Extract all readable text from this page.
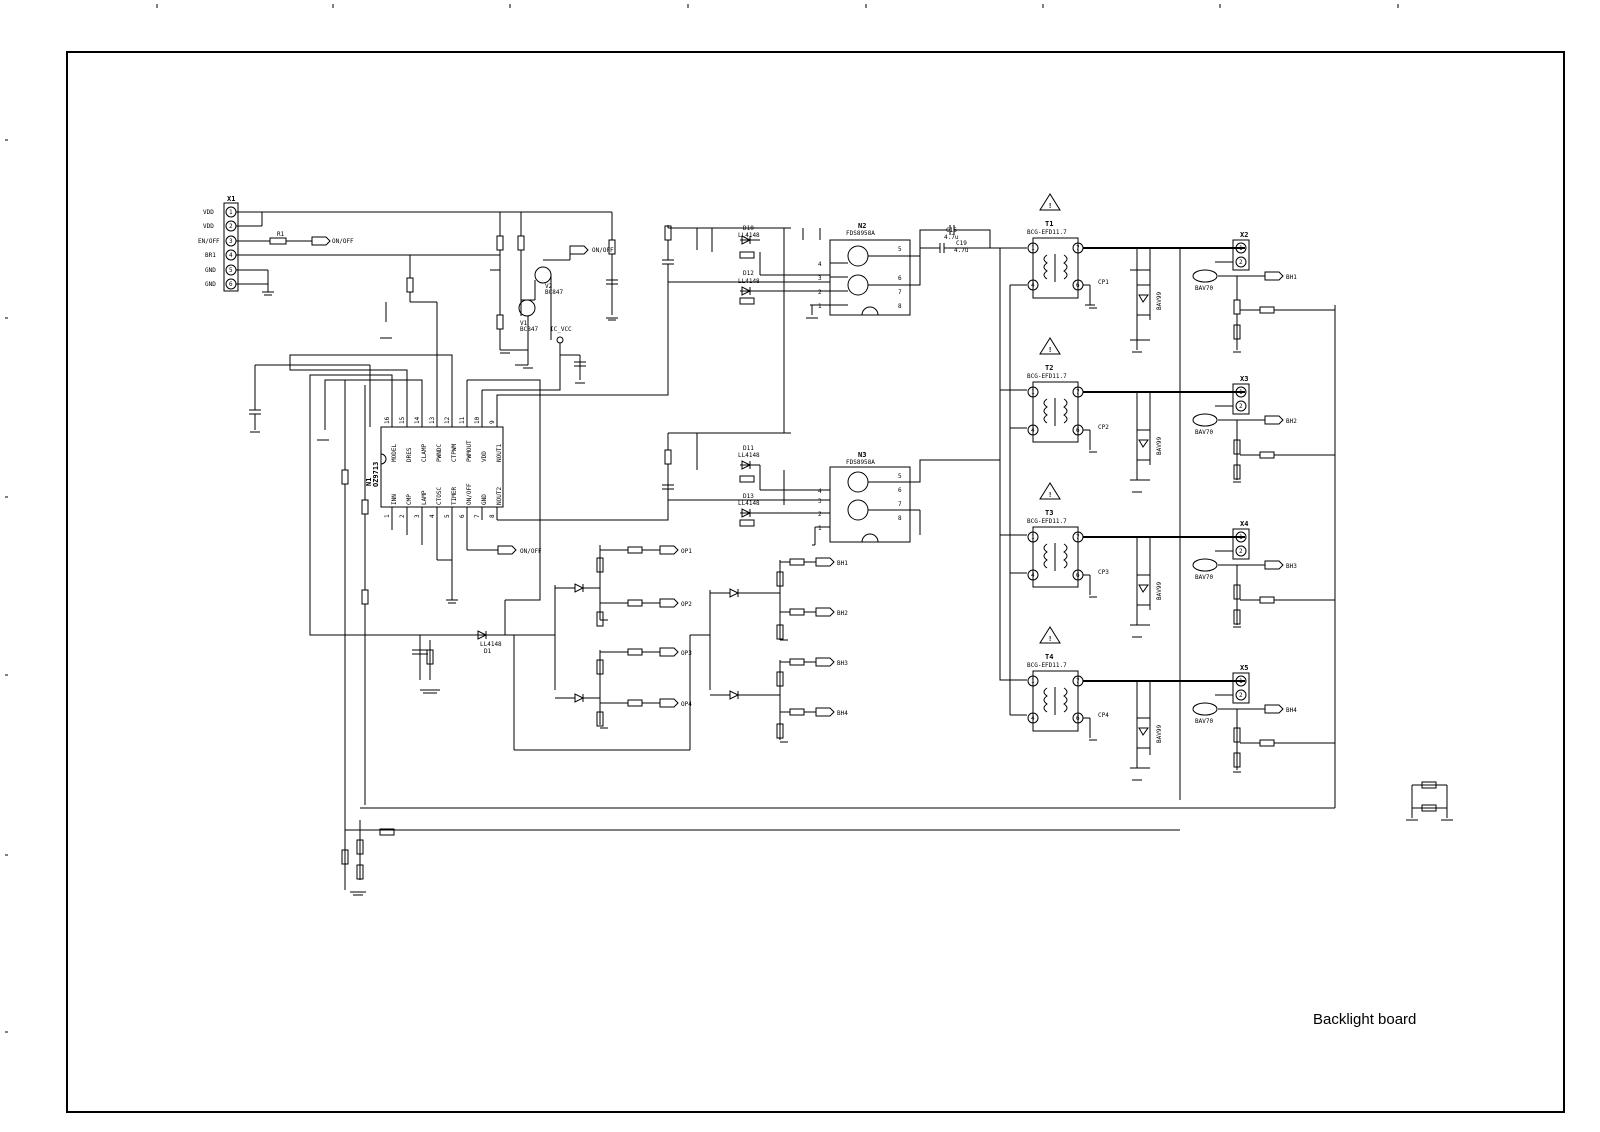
X1
1
VDD
2
VDD
3
EN/OFF
4
BR1
5
GND
6
GND
R1
ON/OFF
N1 OZ9713
16
MODEL
15
DRES
14
CLAMP
13
PWNDC
12
CTPWM
11
PWMOUT
10
VDD
9
NOUT1
1
INN
2
CMP
3
LAMP
4
CTOSC
5
TIMER
6
ON/OFF
7
GND
8
NOUT2
ON/OFF
LL4148
D1
V2
BC847
V1
BC847
ON/OFF
IC_VCC
D10
LL4148
D12
LL4148
N2
FDS8958A
4
3
2
1
5
6
7
8
D11
LL4148
D13
LL4148
N3
FDS8958A
4
3
2
1
5
6
7
8
C16
4.7u
C19
4.7u
!
T1
BCG-EFD11.7
1	7
4	6
!
T2
BCG-EFD11.7
1	7
4	6
!
T3
BCG-EFD11.7
1	7
4	6
!
T4
BCG-EFD11.7
1	7
4	6
BAV99
BAV99
BAV99
BAV99
CP1
CP2
CP3
CP4
X2
1
2
X3
1
2
X4
1
2
X5
1
2
BH1
BH2
BH3
BH4
BAV70
BAV70
BAV70
BAV70
OP1
OP2
OP3
OP4
BH1
BH2
BH3
BH4
Backlight board
